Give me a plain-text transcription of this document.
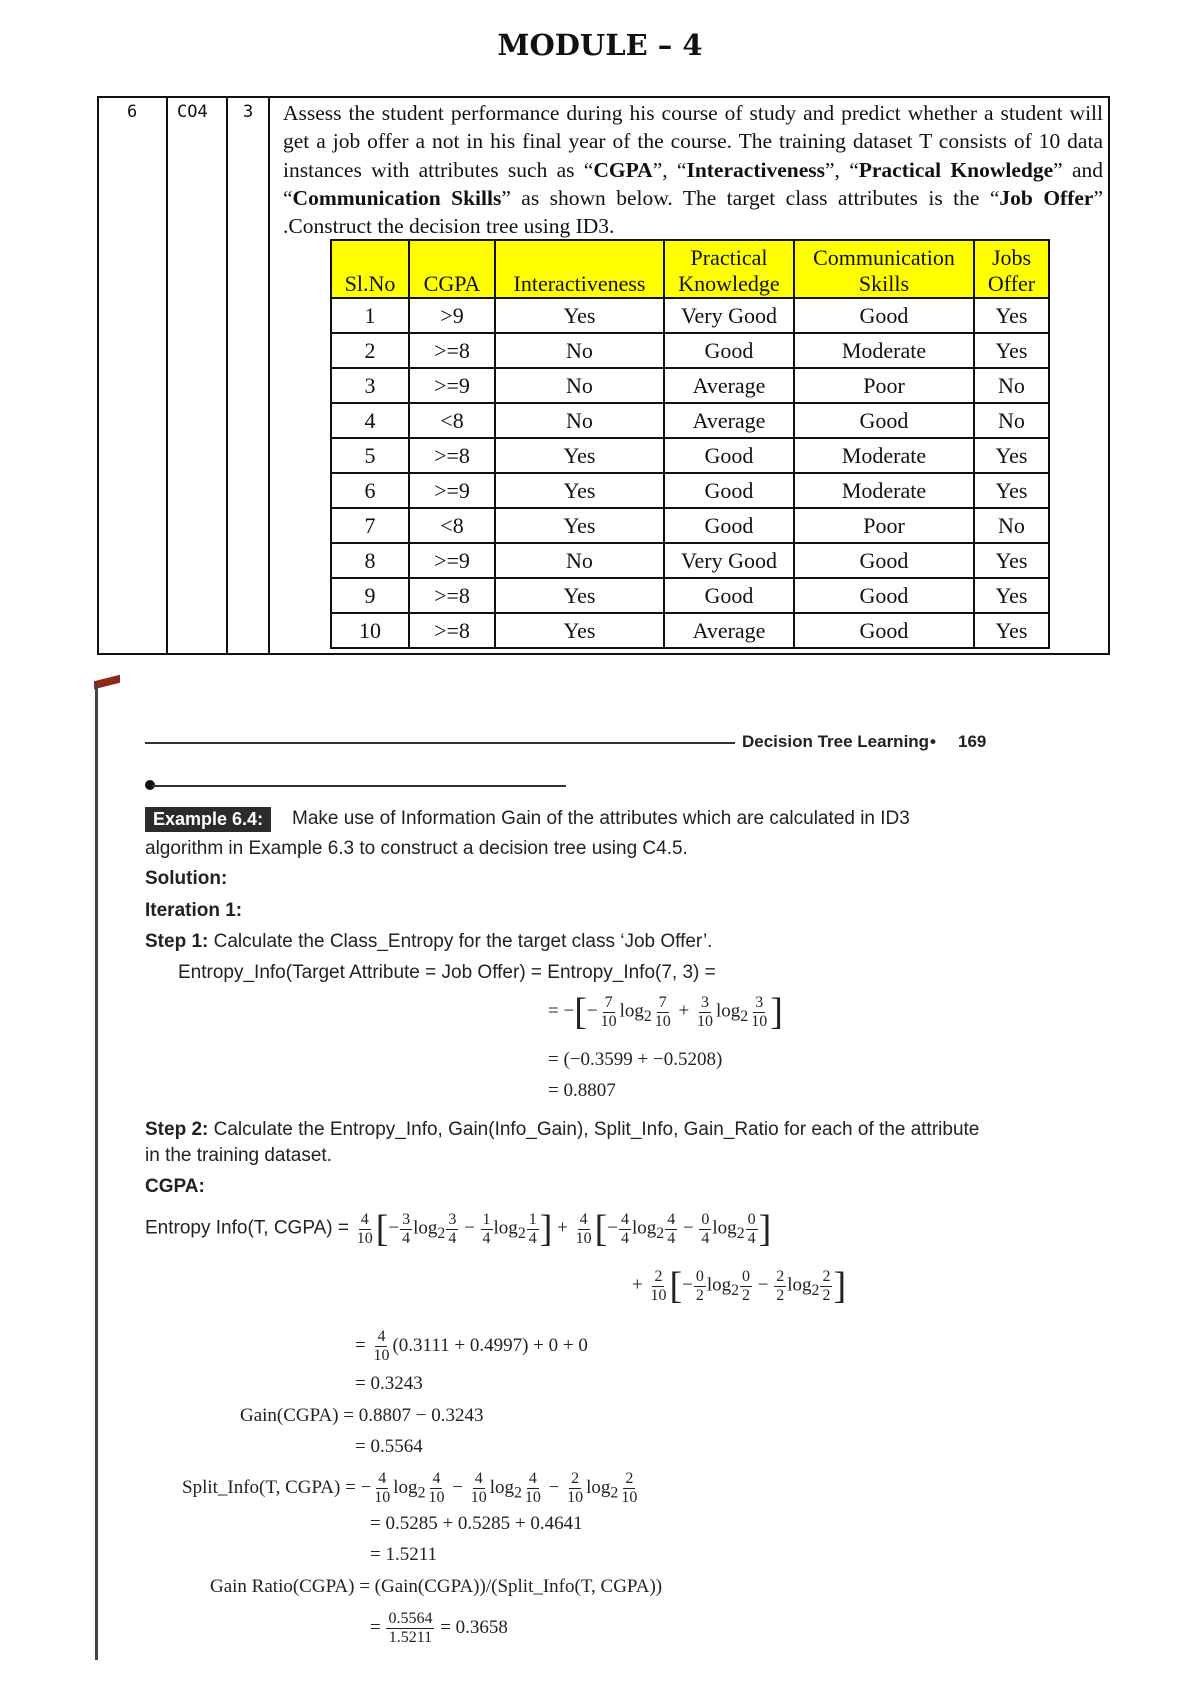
MODULE – 4
6 CO4 3 Assess the student performance during his course of study and predict whether a student will get a job offer a not in his final year of the course. The training dataset T consists of 10 data instances with attributes such as “CGPA”, “Interactiveness”, “Practical Knowledge” and “Communication Skills” as shown below. The target class attributes is the “Job Offer” .Construct the decision tree using ID3.
Sl.No	CGPA	Interactiveness	Practical Knowledge	Communication Skills	Jobs Offer
1	>9	Yes	Very Good	Good	Yes
2	>=8	No	Good	Moderate	Yes
3	>=9	No	Average	Poor	No
4	<8	No	Average	Good	No
5	>=8	Yes	Good	Moderate	Yes
6	>=9	Yes	Good	Moderate	Yes
7	<8	Yes	Good	Poor	No
8	>=9	No	Very Good	Good	Yes
9	>=8	Yes	Good	Good	Yes
10	>=8	Yes	Average	Good	Yes
Decision Tree Learning • 169
Example 6.4:	Make use of Information Gain of the attributes which are calculated in ID3
algorithm in Example 6.3 to construct a decision tree using C4.5.
Solution:
Iteration 1:
Step 1: Calculate the Class_Entropy for the target class ‘Job Offer’.
Entropy_Info(Target Attribute = Job Offer) = Entropy_Info(7, 3) =
= −[− $\frac{7}{10} \log_2 \frac{7}{10} + \frac{3}{10} \log_2 \frac{3}{10}$ ]
= (−0.3599 + −0.5208)
= 0.8807
Step 2: Calculate the Entropy_Info, Gain(Info_Gain), Split_Info, Gain_Ratio for each of the attribute
in the training dataset.
CGPA:
Entropy Info(T, CGPA) = $\frac{4}{10}$ [− $\frac{3}{4} \log_2 \frac{3}{4} - \frac{1}{4} \log_2 \frac{1}{4}$ ] + $\frac{4}{10}$ [− $\frac{4}{4} \log_2 \frac{4}{4} - \frac{0}{4} \log_2 \frac{0}{4}$ ]
+ $\frac{2}{10}$ [− $\frac{0}{2} \log_2 \frac{0}{2} - \frac{2}{2} \log_2 \frac{2}{2}$ ]
= $\frac{4}{10} (0.3111 + 0.4997) + 0 + 0$
= 0.3243
Gain(CGPA) = 0.8807 − 0.3243
= 0.5564
Split_Info(T, CGPA) = − $\frac{4}{10} \log_2 \frac{4}{10} - \frac{4}{10} \log_2 \frac{4}{10} - \frac{2}{10} \log_2 \frac{2}{10}$
= 0.5285 + 0.5285 + 0.4641
= 1.5211
Gain Ratio(CGPA) = (Gain(CGPA))/(Split_Info(T, CGPA))
= $\frac{0.5564}{1.5211} = 0.3658$
